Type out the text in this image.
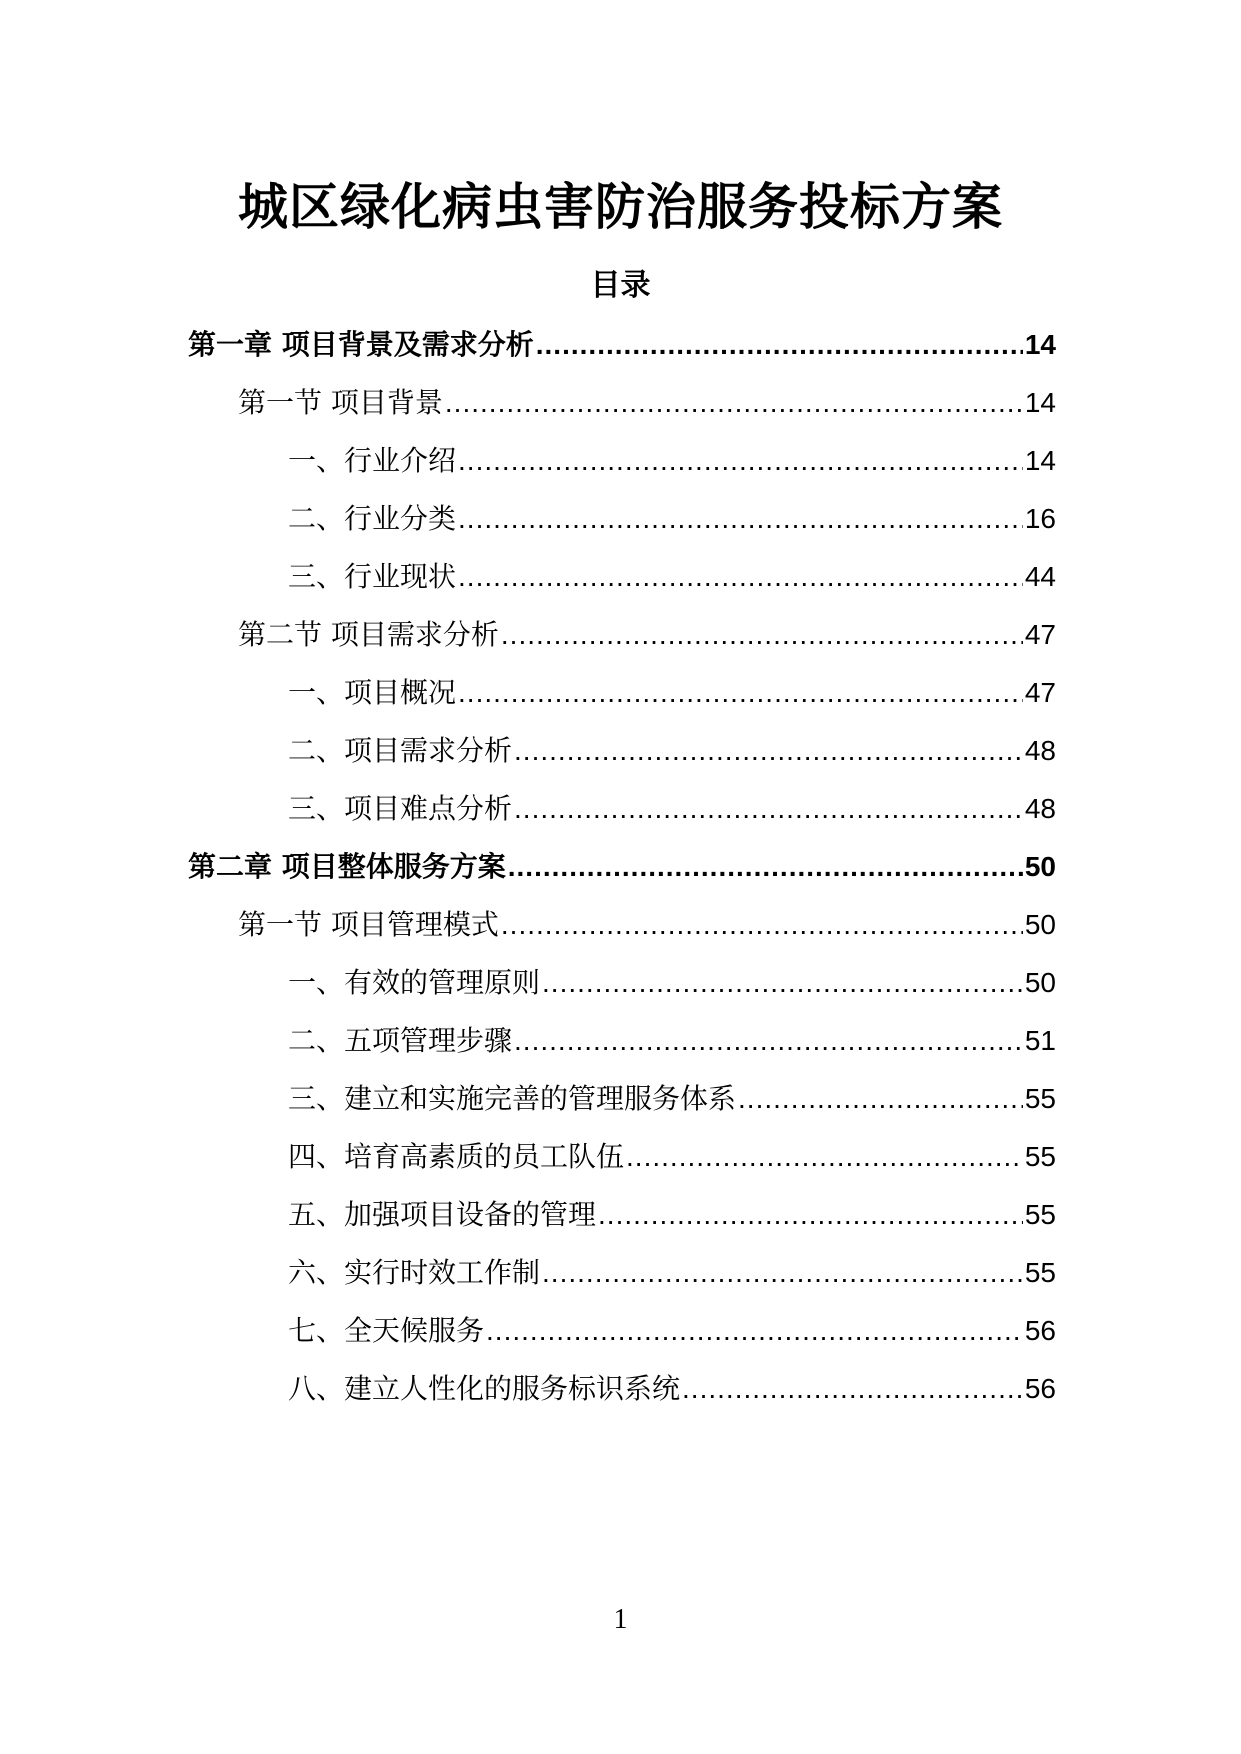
城区绿化病虫害防治服务投标方案
目录
第一章 项目背景及需求分析 .....	14
第一节 项目背景 .....	14
一、行业介绍 .....	14
二、行业分类 .....	16
三、行业现状 .....	44
第二节 项目需求分析 .....	47
一、项目概况 .....	47
二、项目需求分析 .....	48
三、项目难点分析 .....	48
第二章 项目整体服务方案 .....	50
第一节 项目管理模式 .....	50
一、有效的管理原则 .....	50
二、五项管理步骤 .....	51
三、建立和实施完善的管理服务体系 .....	55
四、培育高素质的员工队伍 .....	55
五、加强项目设备的管理 .....	55
六、实行时效工作制 .....	55
七、全天候服务 .....	56
八、建立人性化的服务标识系统 .....	56
1
